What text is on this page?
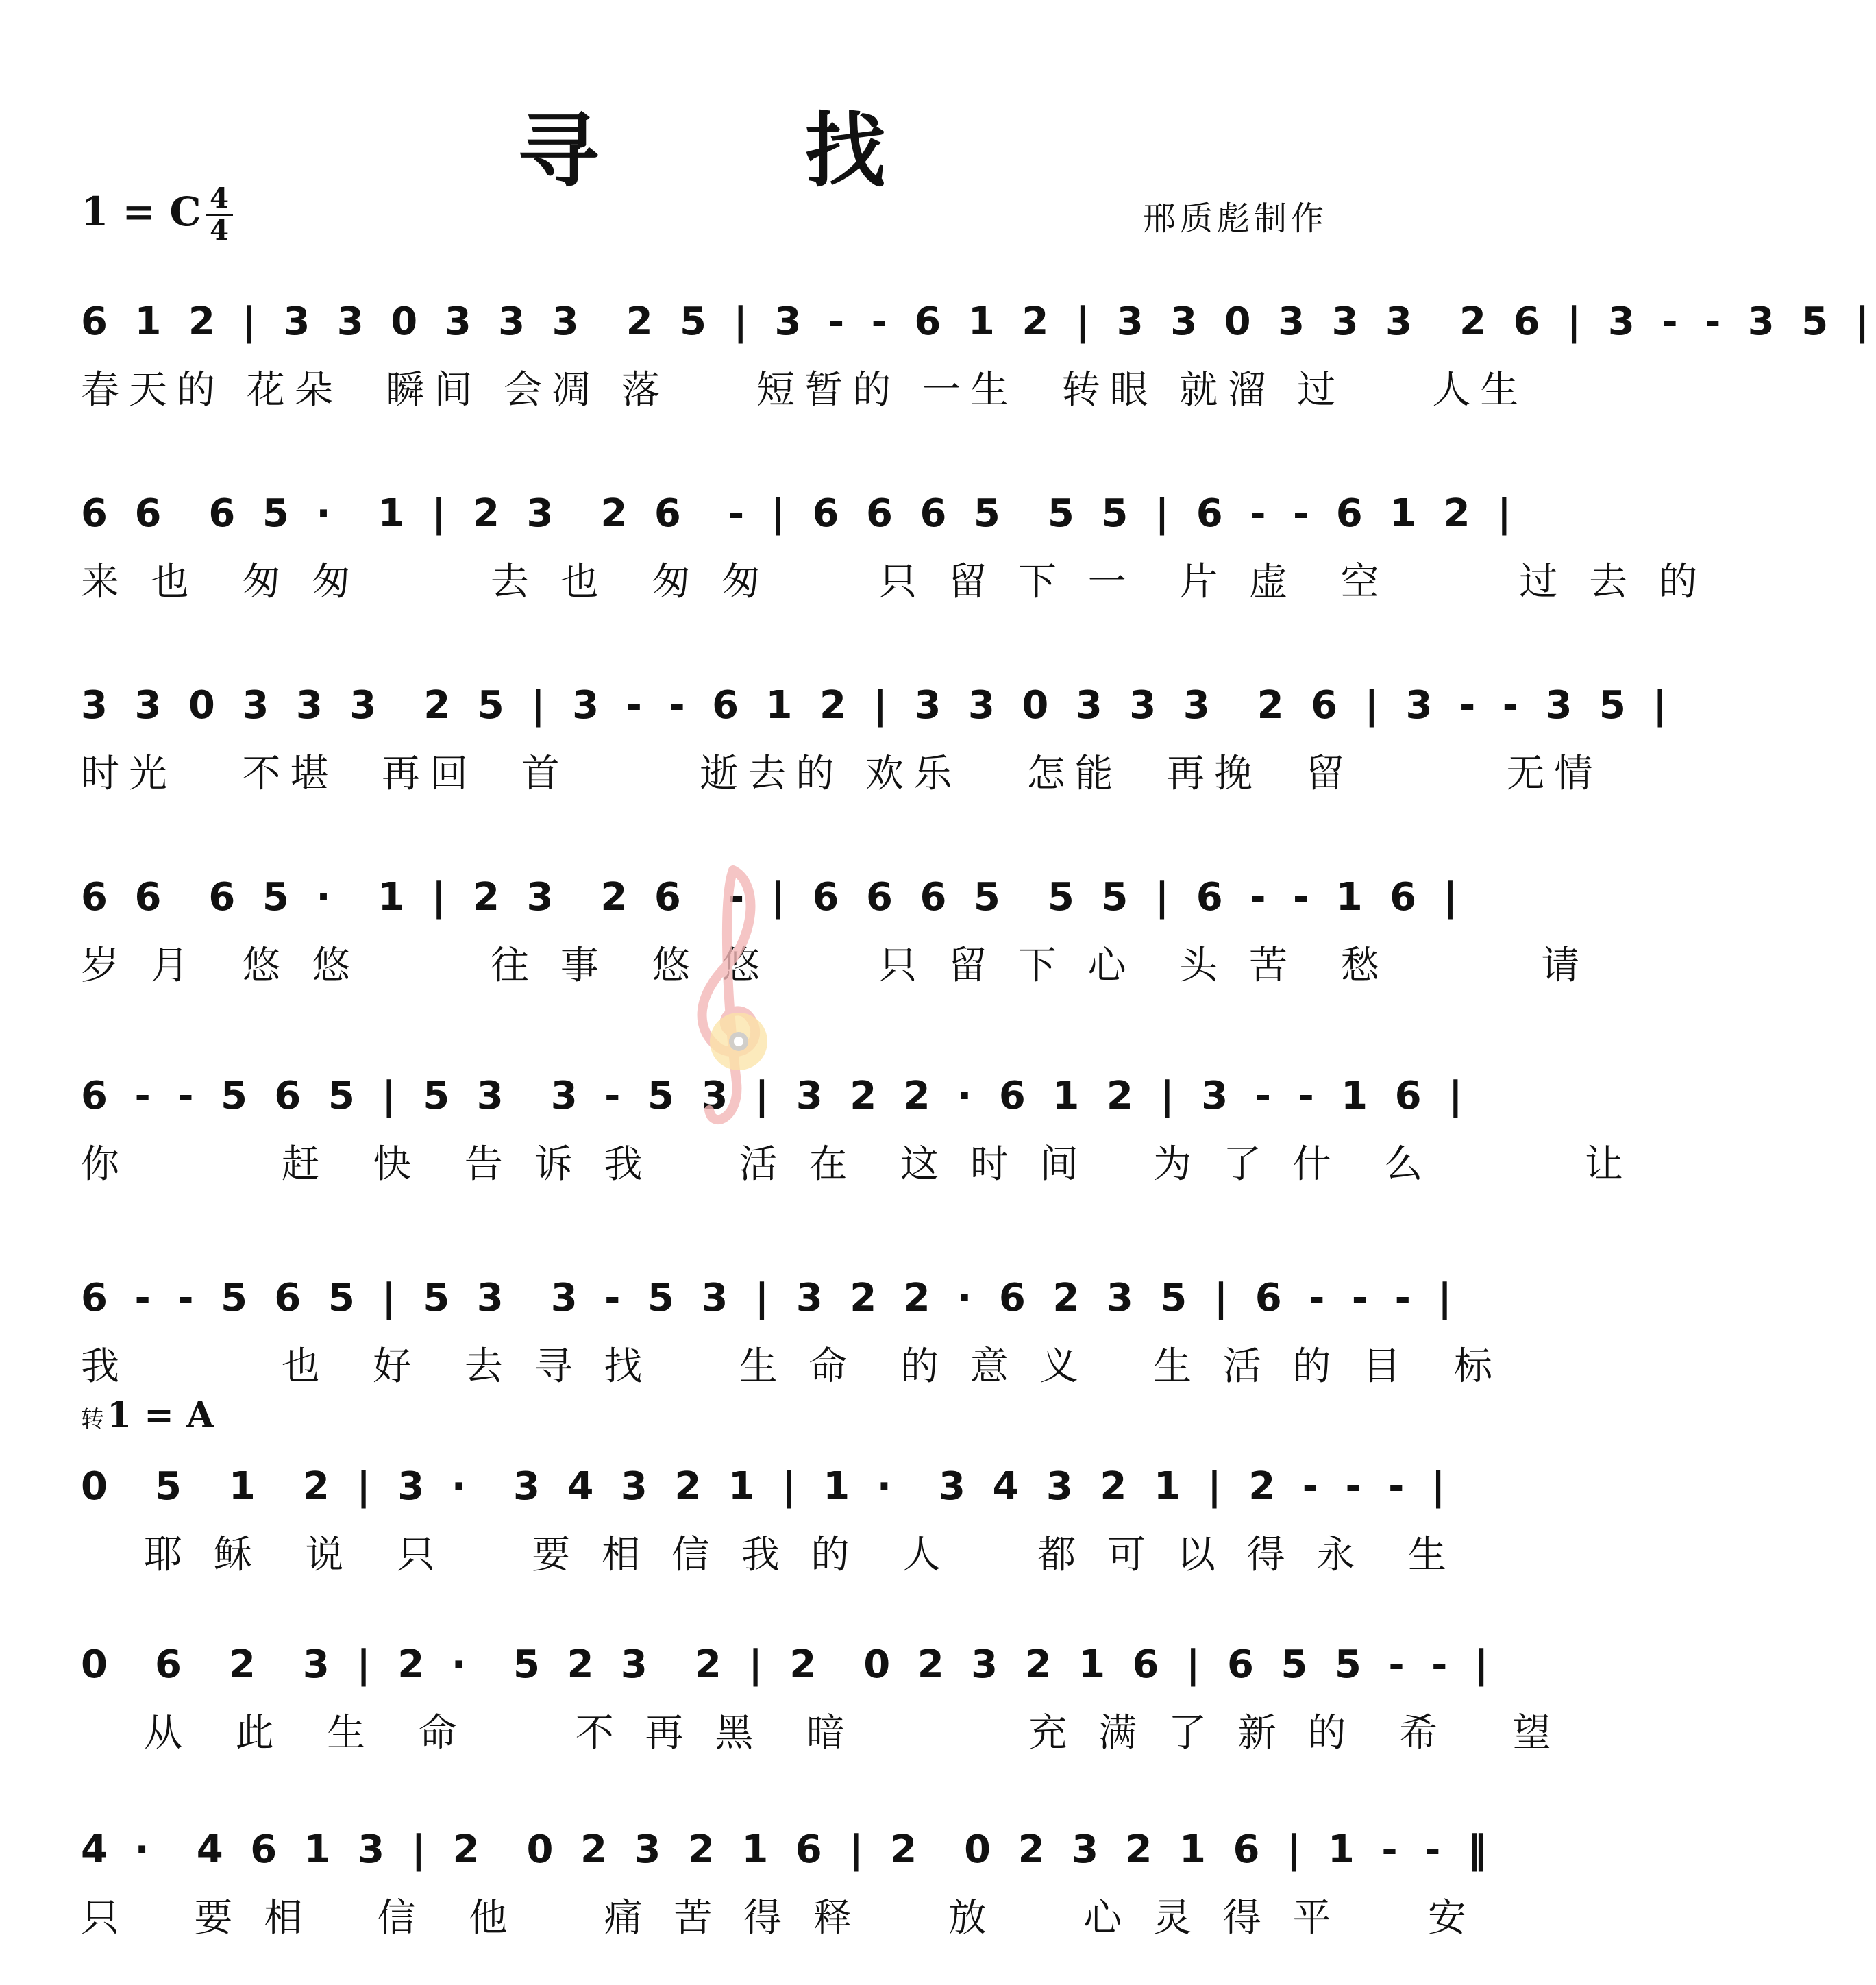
寻 找
1 = C 4
4	邢质彪制作
6 1 2 | 3 3 0 3 3 3  2 5 | 3 - - 6 1 2 | 3 3 0 3 3 3  2 6 | 3 - - 3 5 |
春天的 花朵  瞬间 会凋 落    短暂的 一生  转眼 就溜 过    人生
6 6  6 5 ·  1 | 2 3  2 6  - | 6 6 6 5  5 5 | 6 - - 6 1 2 |
来 也  匆 匆      去 也  匆 匆     只 留 下 一  片 虚  空      过 去 的
3 3 0 3 3 3  2 5 | 3 - - 6 1 2 | 3 3 0 3 3 3  2 6 | 3 - - 3 5 |
时光   不堪  再回  首      逝去的 欢乐   怎能  再挽  留       无情
6 6  6 5 ·  1 | 2 3  2 6  - | 6 6 6 5  5 5 | 6 - - 1 6 |
岁 月  悠 悠      往 事  悠 悠     只 留 下 心  头 苦  愁       请
6 - - 5 6 5 | 5 3  3 - 5 3 | 3 2 2 · 6 1 2 | 3 - - 1 6 |
你       赶  快  告 诉 我    活 在  这 时 间   为 了 什  么       让
6 - - 5 6 5 | 5 3  3 - 5 3 | 3 2 2 · 6 2 3 5 | 6 - - - |
我       也  好  去 寻 找    生 命  的 意 义   生 活 的 目  标
转1 = A
0  5  1  2 | 3 ·  3 4 3 2 1 | 1 ·  3 4 3 2 1 | 2 - - - |
耶 稣  说  只    要 相 信 我 的  人    都 可 以 得 永  生
0  6  2  3 | 2 ·  5 2 3  2 | 2  0 2 3 2 1 6 | 6 5 5 - - |
从  此  生  命     不 再 黑  暗        充 满 了 新 的  希   望
4 ·  4 6 1 3 | 2  0 2 3 2 1 6 | 2  0 2 3 2 1 6 | 1 - - ‖
只   要 相   信  他    痛 苦 得 释    放    心 灵 得 平    安
